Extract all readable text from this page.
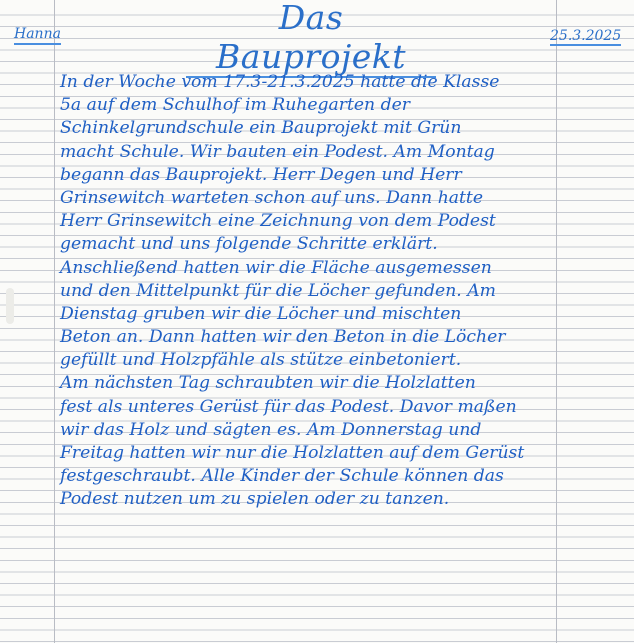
Hanna	Das Bauprojekt
25.3.2025
In der Woche vom 17.3-21.3.2025 hatte die Klasse
5a auf dem Schulhof im Ruhegarten der
Schinkelgrundschule ein Bauprojekt mit Grün
macht Schule. Wir bauten ein Podest. Am Montag
begann das Bauprojekt. Herr Degen und Herr
Grinsewitch warteten schon auf uns. Dann hatte
Herr Grinsewitch eine Zeichnung von dem Podest
gemacht und uns folgende Schritte erklärt.
Anschließend hatten wir die Fläche ausgemessen
und den Mittelpunkt für die Löcher gefunden. Am
Dienstag gruben wir die Löcher und mischten
Beton an. Dann hatten wir den Beton in die Löcher
gefüllt und Holzpfähle als stütze einbetoniert.
Am nächsten Tag schraubten wir die Holzlatten
fest als unteres Gerüst für das Podest. Davor maßen
wir das Holz und sägten es. Am Donnerstag und
Freitag hatten wir nur die Holzlatten auf dem Gerüst
festgeschraubt. Alle Kinder der Schule können das
Podest nutzen um zu spielen oder zu tanzen.
